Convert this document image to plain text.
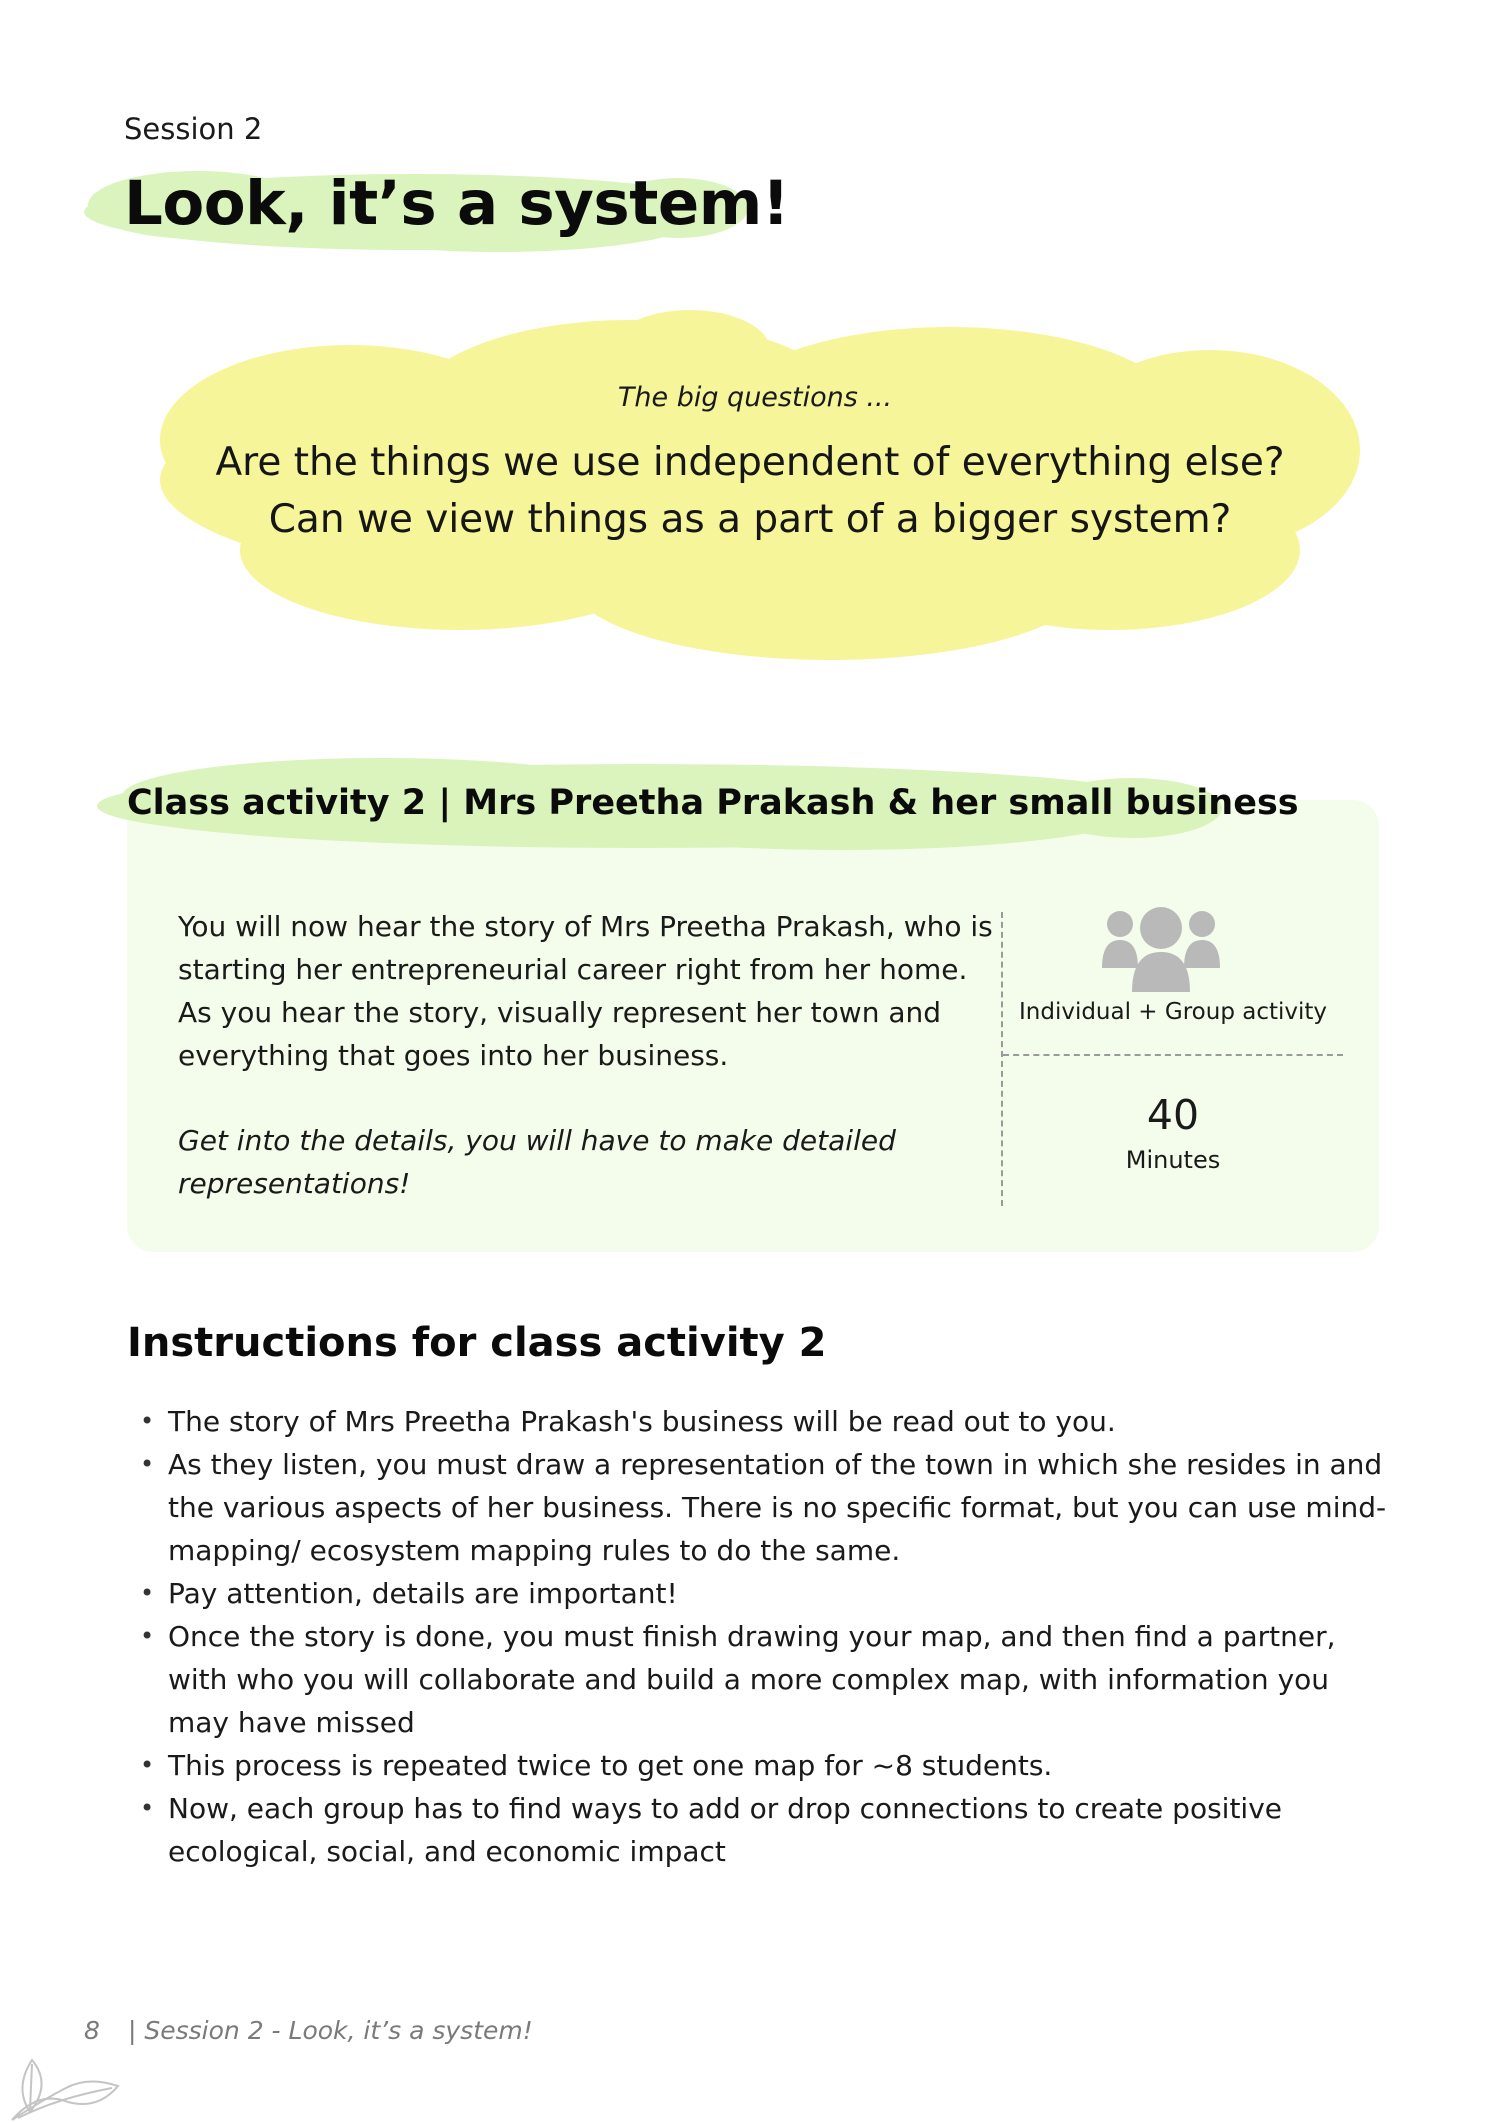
Session 2
Look, it’s a system!
The big questions ...
Are the things we use independent of everything else?
Can we view things as a part of a bigger system?
Class activity 2 | Mrs Preetha Prakash & her small business

You will now hear the story of Mrs Preetha Prakash, who is starting her entrepreneurial career right from her home. As you hear the story, visually represent her town and everything that goes into her business.

Get into the details, you will have to make detailed representations!

Individual + Group activity
40
Minutes
Instructions for class activity 2
• The story of Mrs Preetha Prakash's business will be read out to you.
• As they listen, you must draw a representation of the town in which she resides in and the various aspects of her business. There is no specific format, but you can use mind-mapping/ ecosystem mapping rules to do the same.
• Pay attention, details are important!
• Once the story is done, you must finish drawing your map, and then find a partner, with who you will collaborate and build a more complex map, with information you may have missed
• This process is repeated twice to get one map for ~8 students.
• Now, each group has to find ways to add or drop connections to create positive ecological, social, and economic impact
8 | Session 2 - Look, it’s a system!
